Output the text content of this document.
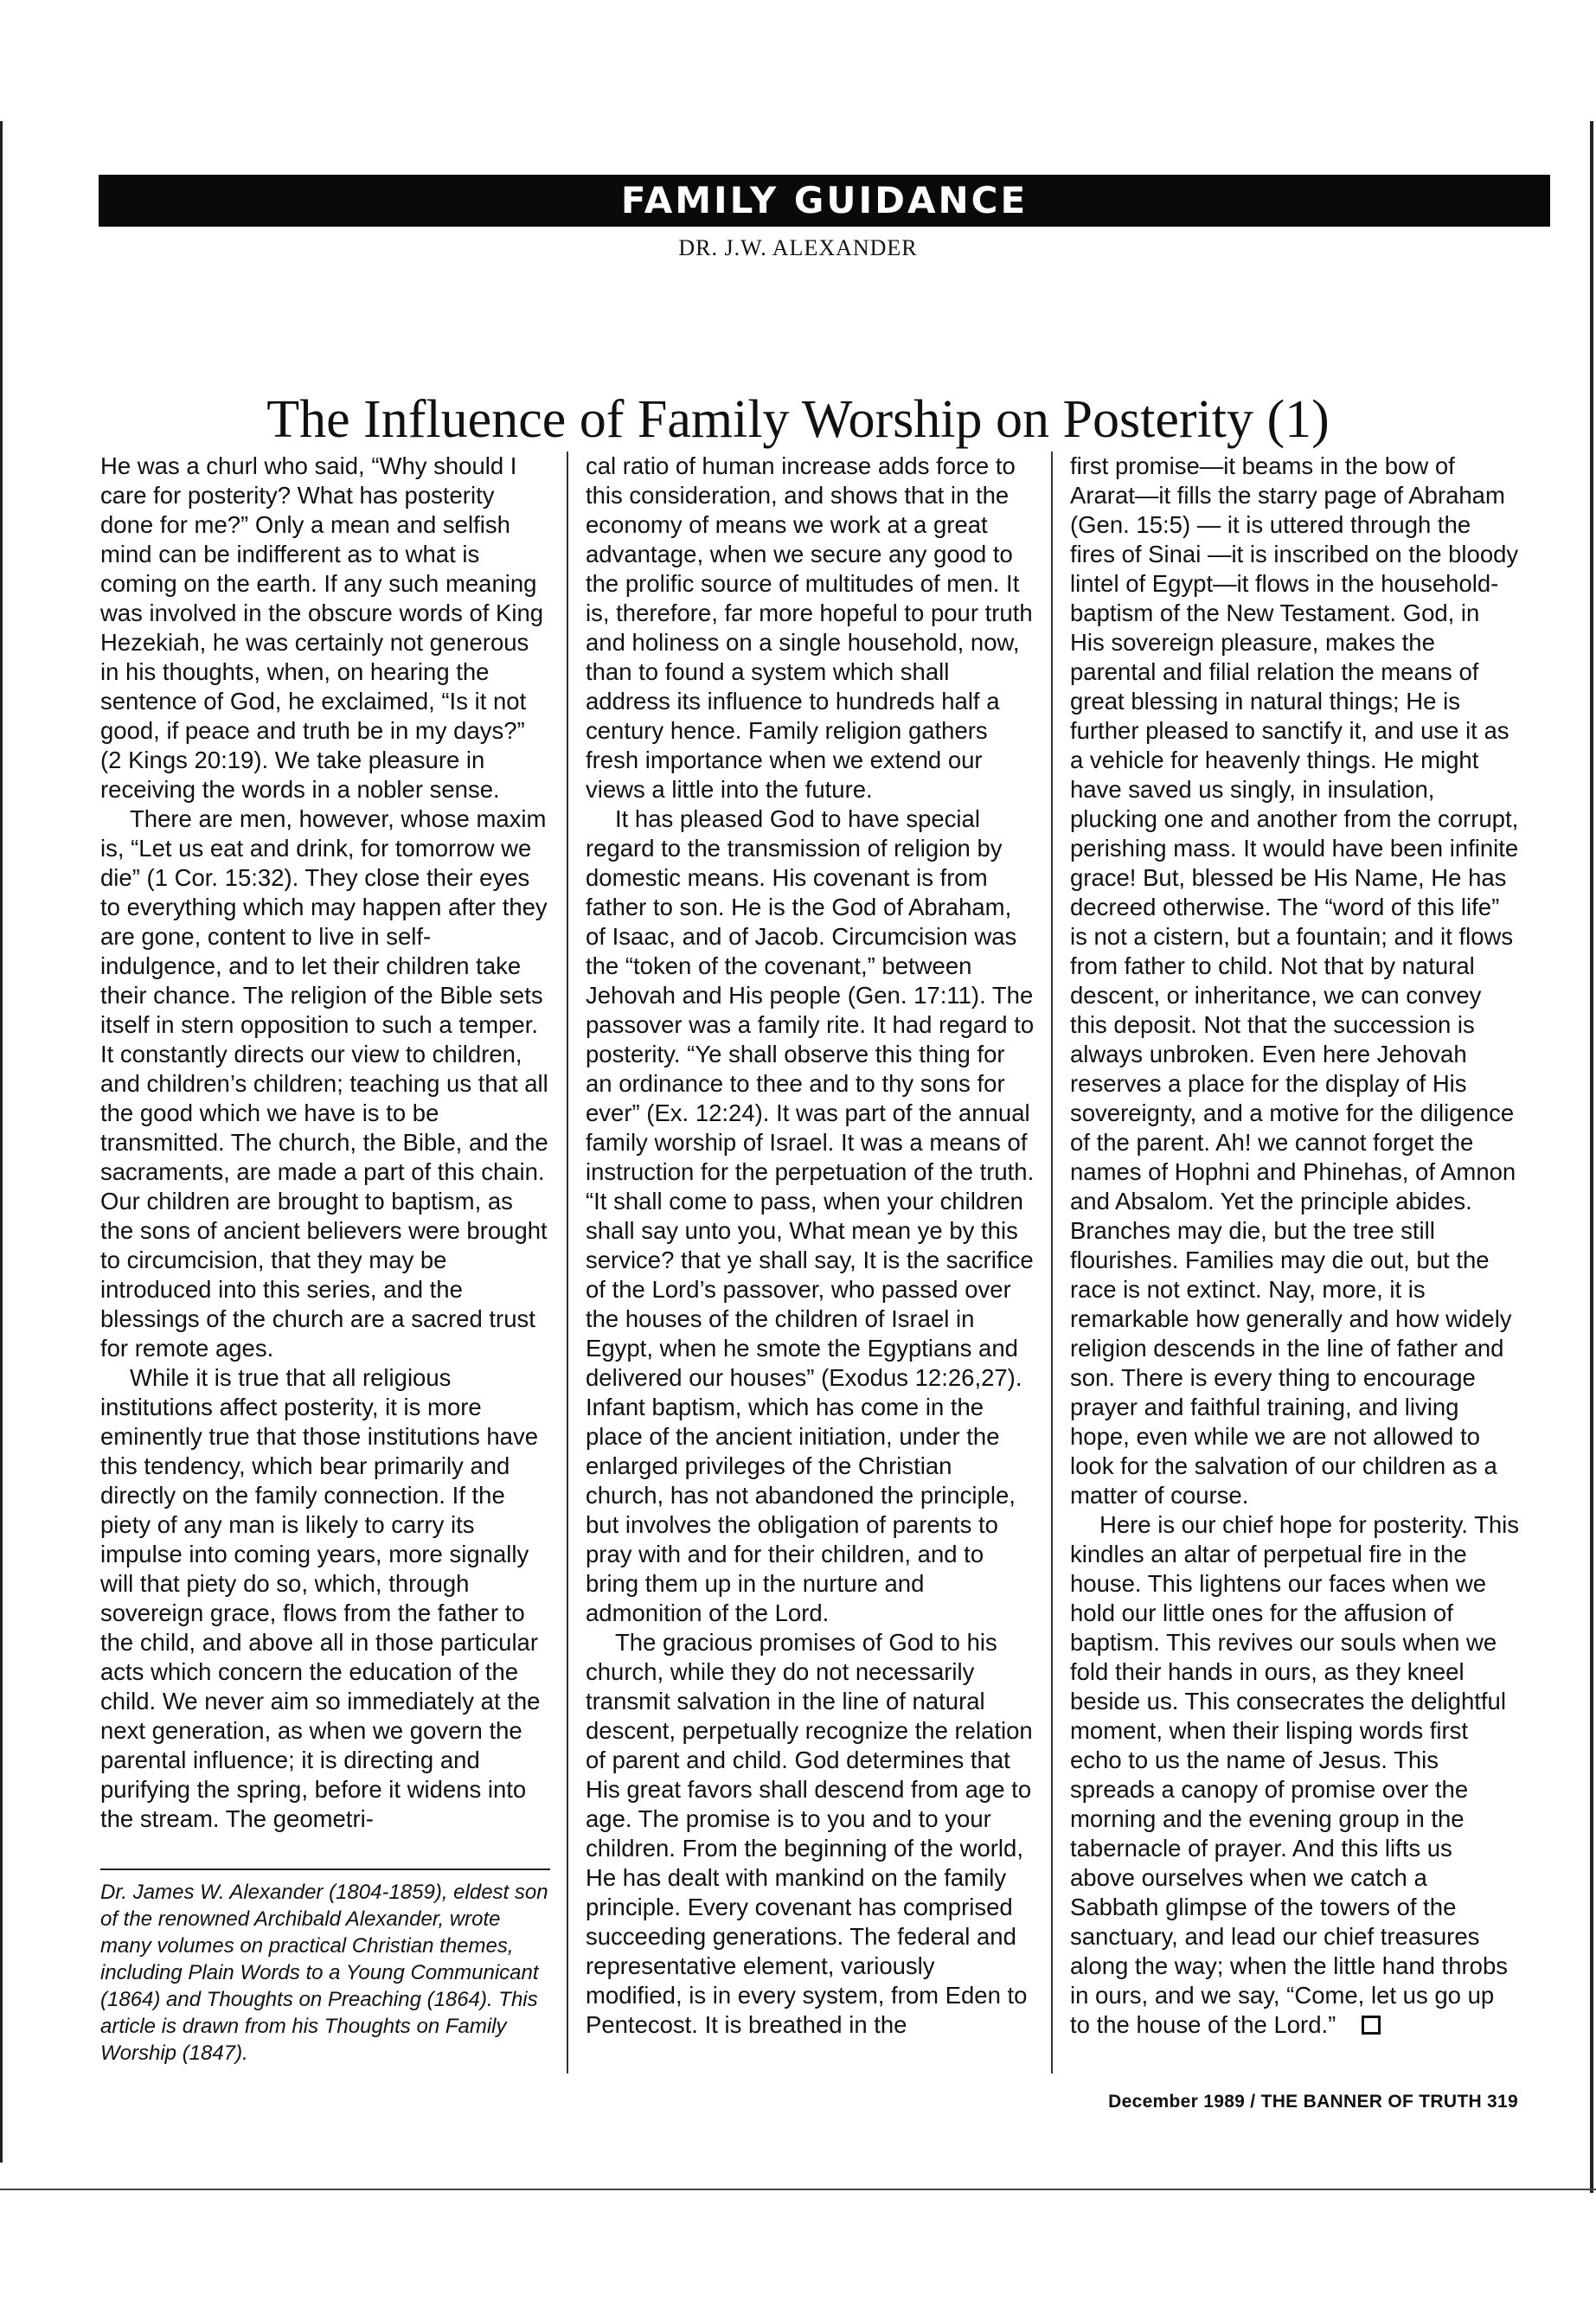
FAMILY GUIDANCE
DR. J.W. ALEXANDER
The Influence of Family Worship on Posterity (1)

He was a churl who said, “Why should I care for posterity? What has posterity done for me?” Only a mean and selfish mind can be indifferent as to what is coming on the earth. If any such meaning was involved in the obscure words of King Hezekiah, he was certainly not generous in his thoughts, when, on hearing the sentence of God, he exclaimed, “Is it not good, if peace and truth be in my days?” (2 Kings 20:19). We take pleasure in receiving the words in a nobler sense.

There are men, however, whose maxim is, “Let us eat and drink, for tomorrow we die” (1 Cor. 15:32). They close their eyes to everything which may happen after they are gone, content to live in self-indulgence, and to let their children take their chance. The religion of the Bible sets itself in stern opposition to such a temper. It constantly directs our view to children, and children’s children; teaching us that all the good which we have is to be transmitted. The church, the Bible, and the sacraments, are made a part of this chain. Our children are brought to baptism, as the sons of ancient believers were brought to circumcision, that they may be introduced into this series, and the blessings of the church are a sacred trust for remote ages.

While it is true that all religious institutions affect posterity, it is more eminently true that those institutions have this tendency, which bear primarily and directly on the family connection. If the piety of any man is likely to carry its impulse into coming years, more signally will that piety do so, which, through sovereign grace, flows from the father to the child, and above all in those particular acts which concern the education of the child. We never aim so immediately at the next generation, as when we govern the parental influence; it is directing and purifying the spring, before it widens into the stream. The geometri-

cal ratio of human increase adds force to this consideration, and shows that in the economy of means we work at a great advantage, when we secure any good to the prolific source of multitudes of men. It is, therefore, far more hopeful to pour truth and holiness on a single household, now, than to found a system which shall address its influence to hundreds half a century hence. Family religion gathers fresh importance when we extend our views a little into the future.

It has pleased God to have special regard to the transmission of religion by domestic means. His covenant is from father to son. He is the God of Abraham, of Isaac, and of Jacob. Circumcision was the “token of the covenant,” between Jehovah and His people (Gen. 17:11). The passover was a family rite. It had regard to posterity. “Ye shall observe this thing for an ordinance to thee and to thy sons for ever” (Ex. 12:24). It was part of the annual family worship of Israel. It was a means of instruction for the perpetuation of the truth. “It shall come to pass, when your children shall say unto you, What mean ye by this service? that ye shall say, It is the sacrifice of the Lord’s passover, who passed over the houses of the children of Israel in Egypt, when he smote the Egyptians and delivered our houses” (Exodus 12:26,27). Infant baptism, which has come in the place of the ancient initiation, under the enlarged privileges of the Christian church, has not abandoned the principle, but involves the obligation of parents to pray with and for their children, and to bring them up in the nurture and admonition of the Lord.

The gracious promises of God to his church, while they do not necessarily transmit salvation in the line of natural descent, perpetually recognize the relation of parent and child. God determines that His great favors shall descend from age to age. The promise is to you and to your children. From the beginning of the world, He has dealt with mankind on the family principle. Every covenant has comprised succeeding generations. The federal and representative element, variously modified, is in every system, from Eden to Pentecost. It is breathed in the

first promise—it beams in the bow of Ararat—it fills the starry page of Abraham (Gen. 15:5) — it is uttered through the fires of Sinai —it is inscribed on the bloody lintel of Egypt—it flows in the household-baptism of the New Testament. God, in His sovereign pleasure, makes the parental and filial relation the means of great blessing in natural things; He is further pleased to sanctify it, and use it as a vehicle for heavenly things. He might have saved us singly, in insulation, plucking one and another from the corrupt, perishing mass. It would have been infinite grace! But, blessed be His Name, He has decreed otherwise. The “word of this life” is not a cistern, but a fountain; and it flows from father to child. Not that by natural descent, or inheritance, we can convey this deposit. Not that the succession is always unbroken. Even here Jehovah reserves a place for the display of His sovereignty, and a motive for the diligence of the parent. Ah! we cannot forget the names of Hophni and Phinehas, of Amnon and Absalom. Yet the principle abides. Branches may die, but the tree still flourishes. Families may die out, but the race is not extinct. Nay, more, it is remarkable how generally and how widely religion descends in the line of father and son. There is every thing to encourage prayer and faithful training, and living hope, even while we are not allowed to look for the salvation of our children as a matter of course.

Here is our chief hope for posterity. This kindles an altar of perpetual fire in the house. This lightens our faces when we hold our little ones for the affusion of baptism. This revives our souls when we fold their hands in ours, as they kneel beside us. This consecrates the delightful moment, when their lisping words first echo to us the name of Jesus. This spreads a canopy of promise over the morning and the evening group in the tabernacle of prayer. And this lifts us above ourselves when we catch a Sabbath glimpse of the towers of the sanctuary, and lead our chief treasures along the way; when the little hand throbs in ours, and we say, “Come, let us go up to the house of the Lord.”

Dr. James W. Alexander (1804-1859), eldest son of the renowned Archibald Alexander, wrote many volumes on practical Christian themes, including Plain Words to a Young Communicant (1864) and Thoughts on Preaching (1864). This article is drawn from his Thoughts on Family Worship (1847).
December 1989 / THE BANNER OF TRUTH 319
